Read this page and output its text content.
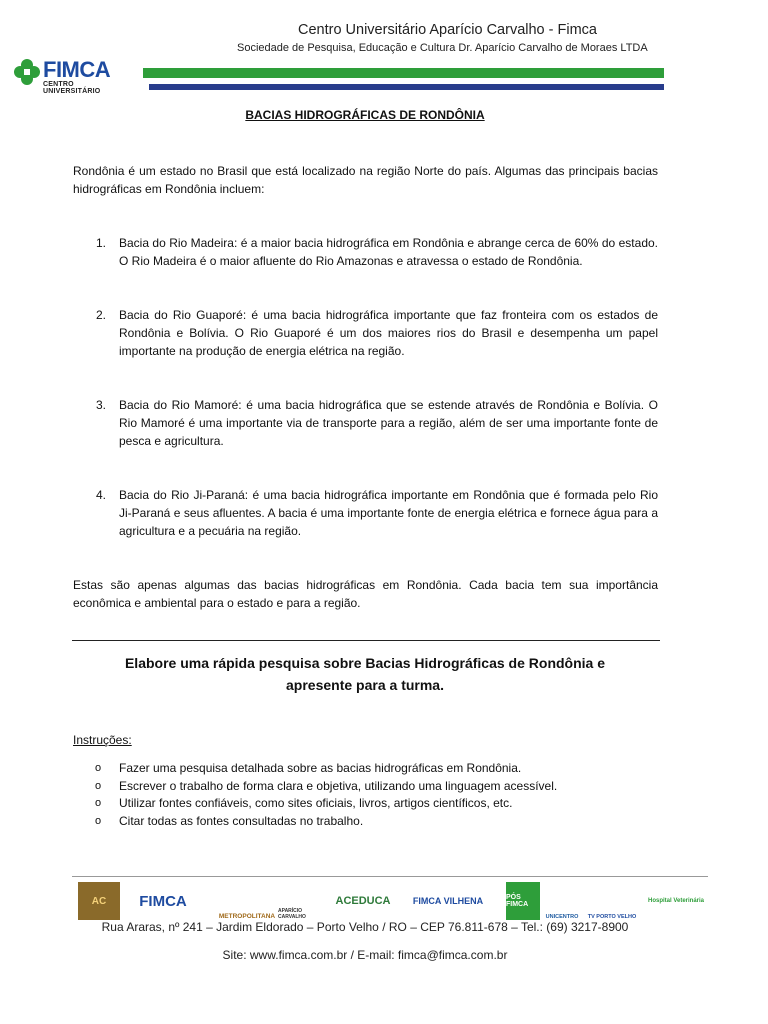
FIMCA
CENTRO UNIVERSITÁRIO
Centro Universitário Aparício Carvalho - Fimca
Sociedade de Pesquisa, Educação e Cultura Dr. Aparício Carvalho de Moraes LTDA
BACIAS HIDROGRÁFICAS DE RONDÔNIA

Rondônia é um estado no Brasil que está localizado na região Norte do país. Algumas das principais bacias hidrográficas em Rondônia incluem:

1. Bacia do Rio Madeira: é a maior bacia hidrográfica em Rondônia e abrange cerca de 60% do estado. O Rio Madeira é o maior afluente do Rio Amazonas e atravessa o estado de Rondônia.
2. Bacia do Rio Guaporé: é uma bacia hidrográfica importante que faz fronteira com os estados de Rondônia e Bolívia. O Rio Guaporé é um dos maiores rios do Brasil e desempenha um papel importante na produção de energia elétrica na região.
3. Bacia do Rio Mamoré: é uma bacia hidrográfica que se estende através de Rondônia e Bolívia. O Rio Mamoré é uma importante via de transporte para a região, além de ser uma importante fonte de pesca e agricultura.
4. Bacia do Rio Ji-Paraná: é uma bacia hidrográfica importante em Rondônia que é formada pelo Rio Ji-Paraná e seus afluentes. A bacia é uma importante fonte de energia elétrica e fornece água para a agricultura e a pecuária na região.

Estas são apenas algumas das bacias hidrográficas em Rondônia. Cada bacia tem sua importância econômica e ambiental para o estado e para a região.

Elabore uma rápida pesquisa sobre Bacias Hidrográficas de Rondônia e
apresente para a turma.
Instruções:
o Fazer uma pesquisa detalhada sobre as bacias hidrográficas em Rondônia.
o Escrever o trabalho de forma clara e objetiva, utilizando uma linguagem acessível.
o Utilizar fontes confiáveis, como sites oficiais, livros, artigos científicos, etc.
o Citar todas as fontes consultadas no trabalho.
AC	FIMCA
METROPOLITANA
APARÍCIO CARVALHO
ACEDUCA	FIMCA VILHENA	PÓS FIMCA
UNICENTRO	TV PORTO VELHO
Hospital Veterinária
Rua Araras, nº 241 – Jardim Eldorado – Porto Velho / RO – CEP 76.811-678 – Tel.: (69) 3217-8900
Site: www.fimca.com.br / E-mail: fimca@fimca.com.br
